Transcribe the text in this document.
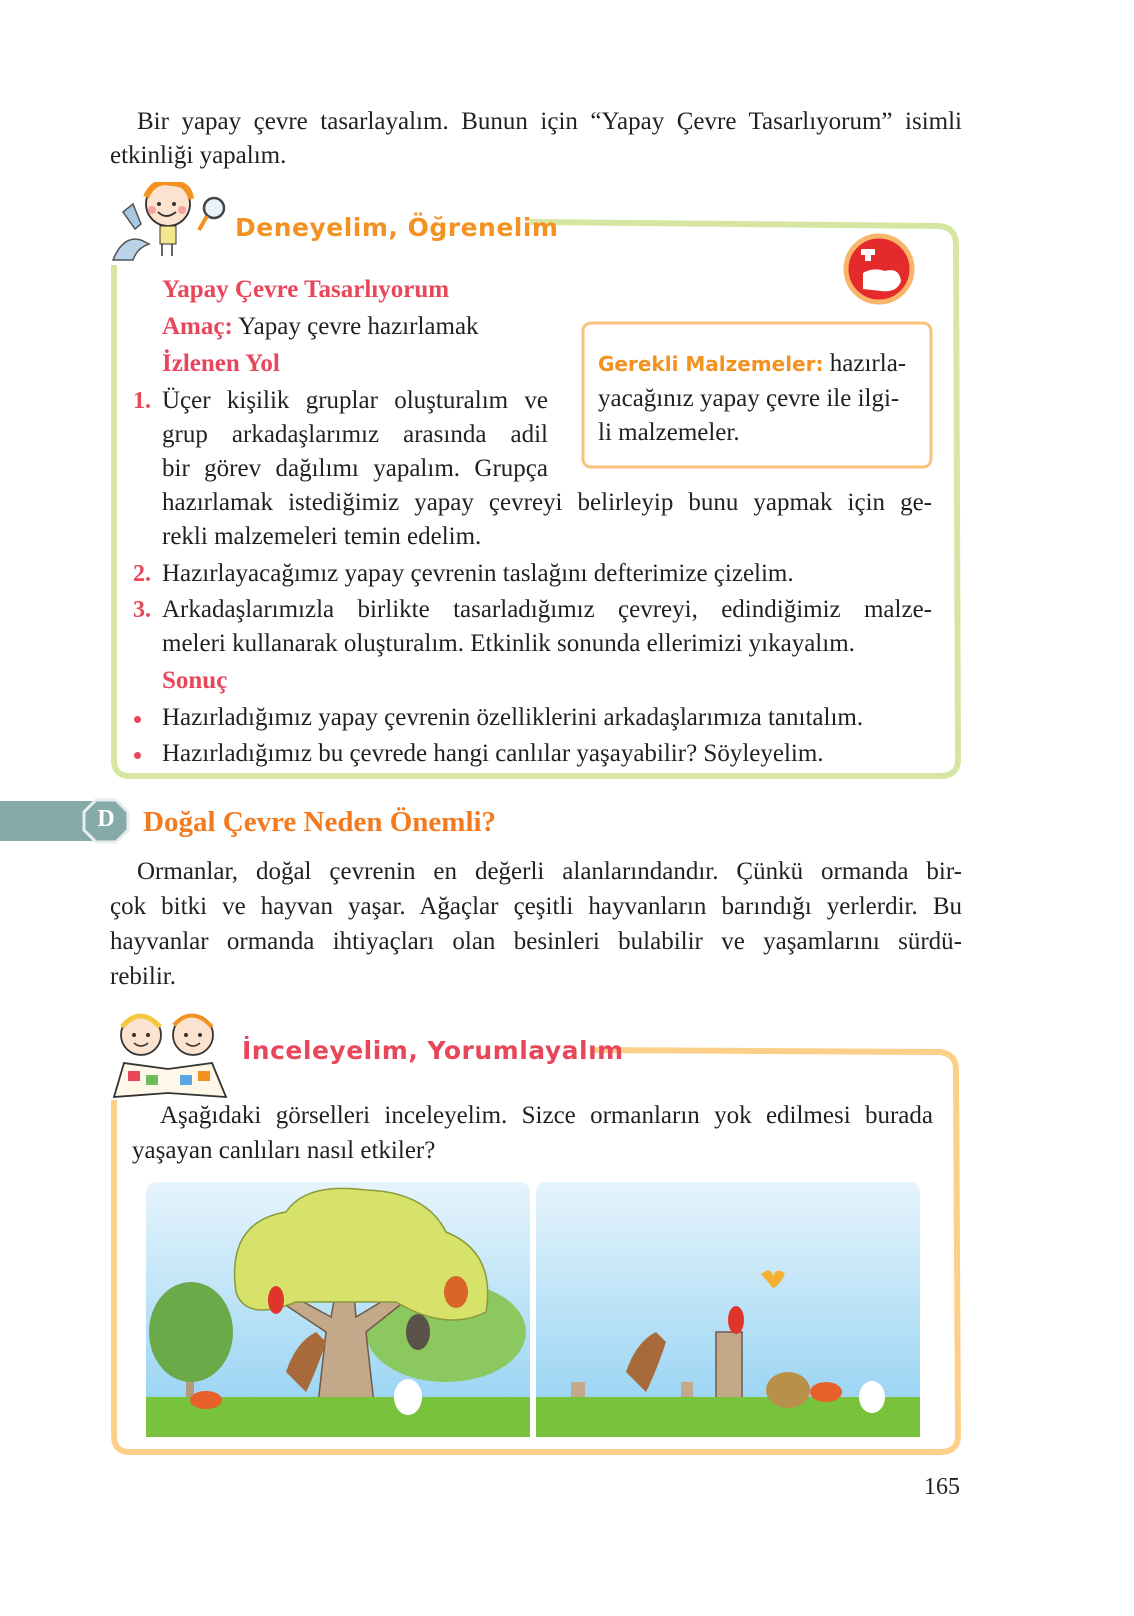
Bir yapay çevre tasarlayalım. Bunun için “Yapay Çevre Tasarlıyorum” isimli
etkinliği yapalım.
Deneyelim, Öğrenelim
Yapay Çevre Tasarlıyorum
Amaç: Yapay çevre hazırlamak
İzlenen Yol
1. Üçer kişilik gruplar oluşturalım ve
grup arkadaşlarımız arasında adil
bir görev dağılımı yapalım. Grupça
hazırlamak istediğimiz yapay çevreyi belirleyip bunu yapmak için ge-
rekli malzemeleri temin edelim.
2. Hazırlayacağımız yapay çevrenin taslağını defterimize çizelim.
3. Arkadaşlarımızla birlikte tasarladığımız çevreyi, edindiğimiz malze-
meleri kullanarak oluşturalım. Etkinlik sonunda ellerimizi yıkayalım.
Sonuç
Hazırladığımız yapay çevrenin özelliklerini arkadaşlarımıza tanıtalım.
Hazırladığımız bu çevrede hangi canlılar yaşayabilir? Söyleyelim.
Gerekli Malzemeler: hazırla-
yacağınız yapay çevre ile ilgi-
li malzemeler.
D Doğal Çevre Neden Önemli?
Ormanlar, doğal çevrenin en değerli alanlarındandır. Çünkü ormanda bir-
çok bitki ve hayvan yaşar. Ağaçlar çeşitli hayvanların barındığı yerlerdir. Bu
hayvanlar ormanda ihtiyaçları olan besinleri bulabilir ve yaşamlarını sürdü-
rebilir.
İnceleyelim, Yorumlayalım
Aşağıdaki görselleri inceleyelim. Sizce ormanların yok edilmesi burada
yaşayan canlıları nasıl etkiler?
165
